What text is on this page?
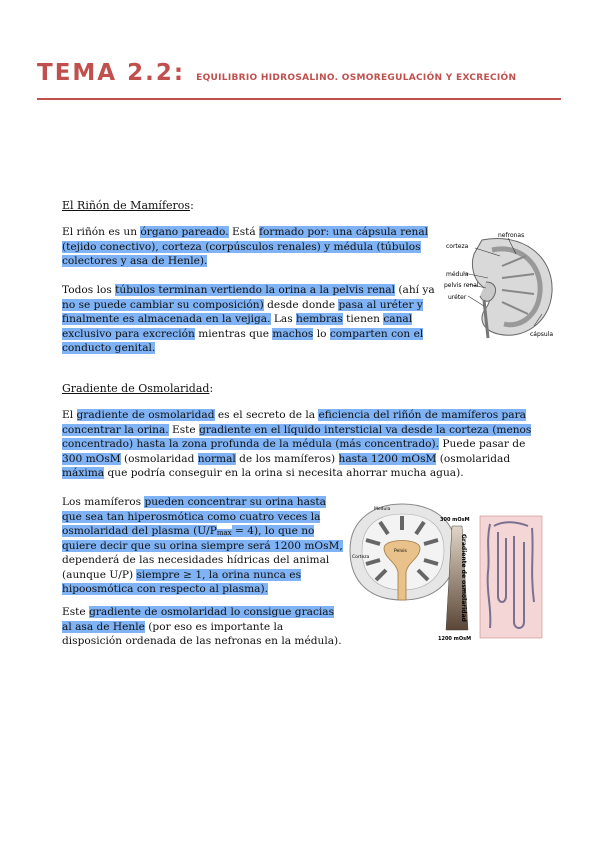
TEMA 2.2: EQUILIBRIO HIDROSALINO. OSMOREGULACIÓN Y EXCRECIÓN

El Riñón de Mamíferos:

El riñón es un órgano pareado. Está formado por: una cápsula renal
(tejido conectivo), corteza (corpúsculos renales) y médula (túbulos
colectores y asa de Henle).

Todos los túbulos terminan vertiendo la orina a la pelvis renal (ahí ya
no se puede cambiar su composición) desde donde pasa al uréter y
finalmente es almacenada en la vejiga. Las hembras tienen canal
exclusivo para excreción mientras que machos lo comparten con el
conducto genital.

nefronas
corteza
médula
pelvis renal
uréter
cápsula

Gradiente de Osmolaridad:

El gradiente de osmolaridad es el secreto de la eficiencia del riñón de mamíferos para
concentrar la orina. Este gradiente en el líquido intersticial va desde la corteza (menos
concentrado) hasta la zona profunda de la médula (más concentrado). Puede pasar de
300 mOsM (osmolaridad normal de los mamíferos) hasta 1200 mOsM (osmolaridad
máxima que podría conseguir en la orina si necesita ahorrar mucha agua).

Los mamíferos pueden concentrar su orina hasta
que sea tan hiperosmótica como cuatro veces la
osmolaridad del plasma $(U/P_{max} = 4)$, lo que no
quiere decir que su orina siempre será 1200 mOsM,
dependerá de las necesidades hídricas del animal
(aunque U/P) siempre ≥ 1, la orina nunca es
hipoosmótica con respecto al plasma).

Este gradiente de osmolaridad lo consigue gracias
al asa de Henle (por eso es importante la
disposición ordenada de las nefronas en la médula).

Medula
Corteza
Pelvis
300 mOsM
Gradiente de osmolaridad
1200 mOsM
